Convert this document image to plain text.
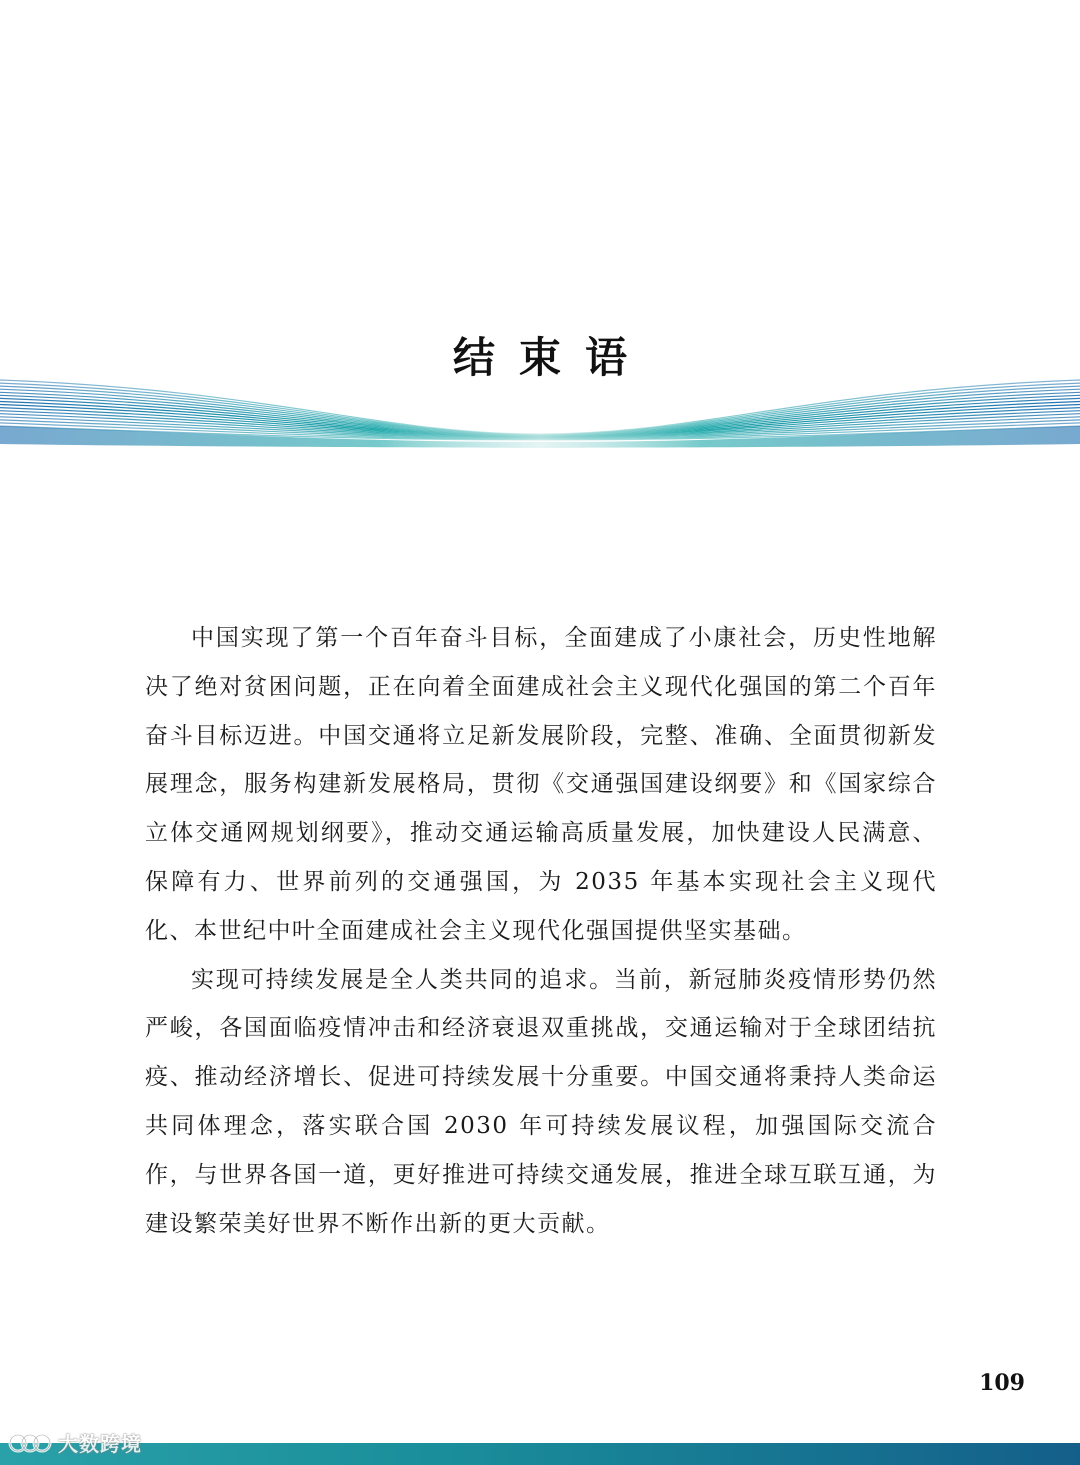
结束语

中国实现了第一个百年奋斗目标，全面建成了小康社会，历史性地解决了绝对贫困问题，正在向着全面建成社会主义现代化强国的第二个百年奋斗目标迈进。中国交通将立足新发展阶段，完整、准确、全面贯彻新发展理念，服务构建新发展格局，贯彻《交通强国建设纲要》和《国家综合立体交通网规划纲要》，推动交通运输高质量发展，加快建设人民满意、保障有力、世界前列的交通强国，为 2035 年基本实现社会主义现代化、本世纪中叶全面建成社会主义现代化强国提供坚实基础。

实现可持续发展是全人类共同的追求。当前，新冠肺炎疫情形势仍然严峻，各国面临疫情冲击和经济衰退双重挑战，交通运输对于全球团结抗疫、推动经济增长、促进可持续发展十分重要。中国交通将秉持人类命运共同体理念，落实联合国 2030 年可持续发展议程，加强国际交流合作，与世界各国一道，更好推进可持续交通发展，推进全球互联互通，为建设繁荣美好世界不断作出新的更大贡献。

109
大数跨境
